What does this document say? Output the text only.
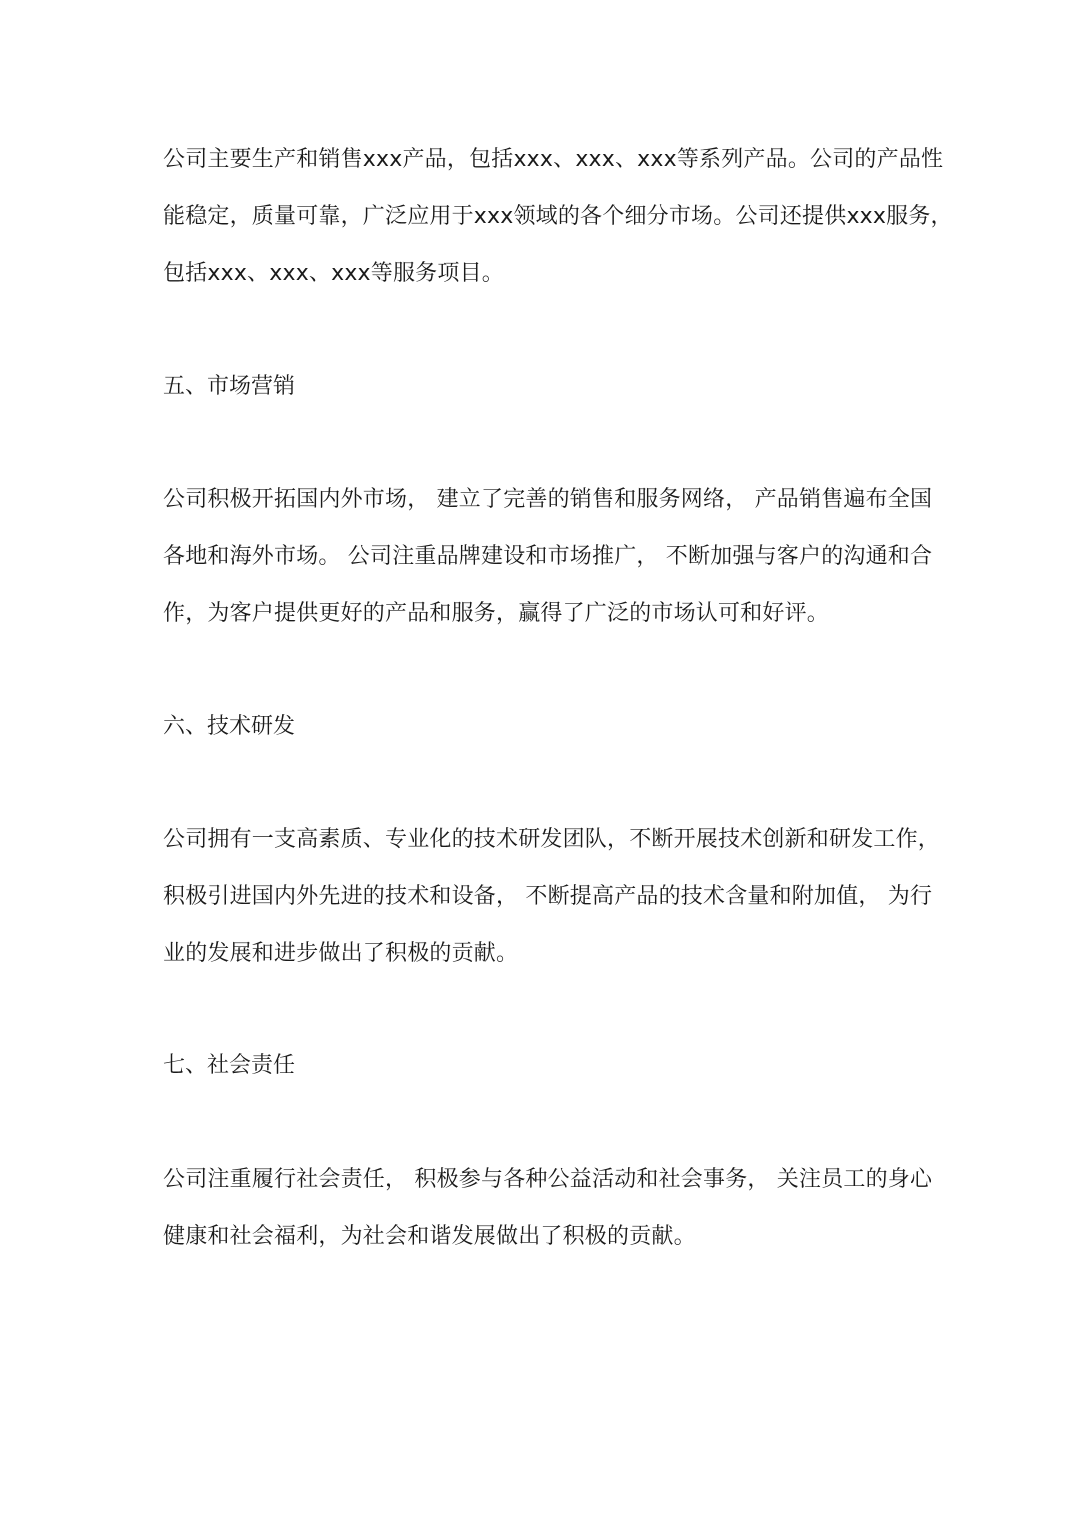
公司主要生产和销售xxx产品，包括xxx、xxx、xxx等系列产品。公司的产品性
能稳定，质量可靠，广泛应用于xxx领域的各个细分市场。公司还提供xxx服务，
包括xxx、xxx、xxx等服务项目。
五、市场营销
公司积极开拓国内外市场， 建立了完善的销售和服务网络， 产品销售遍布全国
各地和海外市场。 公司注重品牌建设和市场推广， 不断加强与客户的沟通和合
作，为客户提供更好的产品和服务，赢得了广泛的市场认可和好评。
六、技术研发
公司拥有一支高素质、专业化的技术研发团队，不断开展技术创新和研发工作，
积极引进国内外先进的技术和设备， 不断提高产品的技术含量和附加值， 为行
业的发展和进步做出了积极的贡献。
七、社会责任
公司注重履行社会责任， 积极参与各种公益活动和社会事务， 关注员工的身心
健康和社会福利，为社会和谐发展做出了积极的贡献。
